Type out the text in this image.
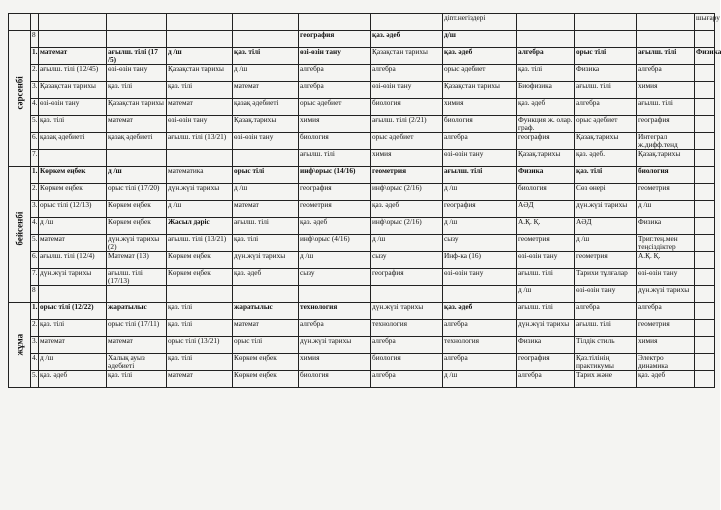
								діnт.негіздері				шығару

сәрсенбі	8					география	қаз. әдеб	д/ш				
	1.	математ	ағылш. тілі (17 /5)	д /ш	қаз. тілі	өзі-өзін тану	Қазақстан тарихы	қаз. әдеб	алгебра	орыс тілі	ағылш. тілі	Физика
	2.	ағылш. тілі (12/45)	өзі-өзін тану	Қазақстан тарихы	д /ш	алгебра	алгебра	орыс әдебиет	қаз. тілі	Физика	алгебра	
	3.	Қазақстан тарихы	қаз. тілі	қаз. тілі	математ	алгебра	өзі-өзін тану	Қазақстан тарихы	Биофизика	ағылш. тілі	химия	
	4.	өзі-өзін тану	Қазақстан тарихы	математ	қазақ әдебиеті	орыс әдебиет	биология	химия	қаз. әдеб	алгебра	ағылш. тілі	
	5.	қаз. тілі	математ	өзі-өзін тану	Қазақ.тарихы	химия	ағылш. тілі (2/21)	биология	Функция ж. олар. граф.	орыс әдебиет	география	
	6.	қазақ әдебиеті	қазақ әдебиеті	ағылш. тілі (13/21)	өзі-өзін тану	биология	орыс әдебиет	алгебра	география	Қазақ.тарихы	Интеграл ж.дифф.тенд	
	7.					ағылш. тілі	химия	өзі-өзін тану	Қазақ.тарихы	қаз. әдеб.	Қазақ.тарихы	

бейсенбі	1.	Көркем еңбек	д /ш	математика	орыс тілі	инф\орыс (14/16)	геометрия	ағылш. тілі	Физика	қаз. тілі	биология	
	2.	Көркем еңбек	орыс тілі (17/20)	дүн.жүзі тарихы	д /ш	география	инф\орыс (2/16)	д /ш	биология	Сөз өнері	геометрия	
	3.	орыс тілі (12/13)	Көркем еңбек	д /ш	математ	геометрия	қаз. әдеб	география	АӘД	дүн.жүзі тарихы	д /ш	
	4.	д /ш	Көркем еңбек	Жасыл дәріс	ағылш. тілі	қаз. әдеб	инф\орыс (2/16)	д /ш	А.Қ. Қ.	АӘД	Физика	
	5.	математ	дүн.жүзі тарихы (2)	ағылш. тілі (13/21)	қаз. тілі	инф\орыс (4/16)	д /ш	сызу	геометрия	д /ш	Триг.тең.мен теңсіздіктер	
	6.	ағылш. тілі (12/4)	Математ (13)	Көркем еңбек	дүн.жүзі тарихы	д /ш	сызу	Инф-ка (16)	өзі-өзін тану	геометрия	А.Қ. Қ.	
	7.	дүн.жүзі тарихы	ағылш. тілі (17/13)	Көркем еңбек	қаз. әдеб	сызу	география	өзі-өзін тану	ағылш. тілі	Тарихи тұлғалар	өзі-өзін тану	
	8								д /ш	өзі-өзін тану	дүн.жүзі тарихы	

жұма	1.	орыс тілі (12/22)	жаратылыс	қаз. тілі	жаратылыс	технология	дүн.жүзі тарихы	қаз. әдеб	ағылш. тілі	алгебра	алгебра	
	2.	қаз. тілі	орыс тілі (17/11)	қаз. тілі	математ	алгебра	технология	алгебра	дүн.жүзі тарихы	ағылш. тілі	геометрия	
	3.	математ	математ	орыс тілі (13/21)	орыс тілі	дүн.жүзі тарихы	алгебра	технология	Физика	Тілдік стиль	химия	
	4.	д /ш	Халық ауыз әдебиеті	қаз. тілі	Көркем еңбек	химия	биология	алгебра	география	Қаз.тілінің практикумы	Электро динамика	
	5.	қаз. әдеб	қаз. тілі	математ	Көркем еңбек	биология	алгебра	д /ш	алгебра	Тарих және	қаз. әдеб	
